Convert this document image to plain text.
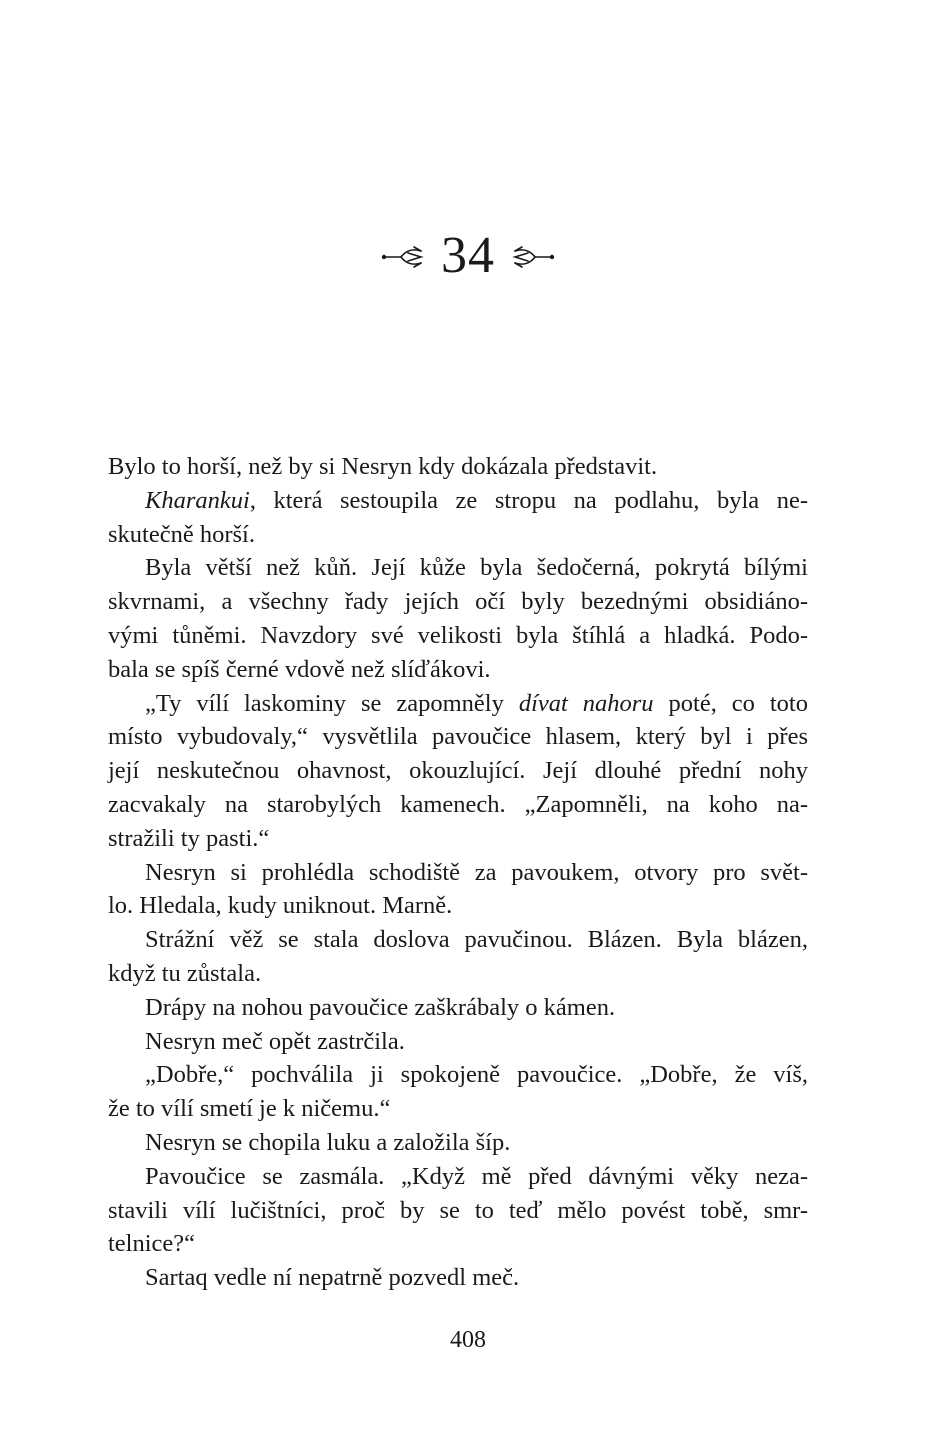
34
Bylo to horší, než by si Nesryn kdy dokázala představit.
Kharankui, která sestoupila ze stropu na podlahu, byla ne-
skutečně horší.
Byla větší než kůň. Její kůže byla šedočerná, pokrytá bílými
skvrnami, a všechny řady jejích očí byly bezednými obsidiáno-
vými tůněmi. Navzdory své velikosti byla štíhlá a hladká. Podo-
bala se spíš černé vdově než slíďákovi.
„Ty vílí laskominy se zapomněly dívat nahoru poté, co toto
místo vybudovaly,“ vysvětlila pavoučice hlasem, který byl i přes
její neskutečnou ohavnost, okouzlující. Její dlouhé přední nohy
zacvakaly na starobylých kamenech. „Zapomněli, na koho na-
stražili ty pasti.“
Nesryn si prohlédla schodiště za pavoukem, otvory pro svět-
lo. Hledala, kudy uniknout. Marně.
Strážní věž se stala doslova pavučinou. Blázen. Byla blázen,
když tu zůstala.
Drápy na nohou pavoučice zaškrábaly o kámen.
Nesryn meč opět zastrčila.
„Dobře,“ pochválila ji spokojeně pavoučice. „Dobře, že víš,
že to vílí smetí je k ničemu.“
Nesryn se chopila luku a založila šíp.
Pavoučice se zasmála. „Když mě před dávnými věky neza-
stavili vílí lučištníci, proč by se to teď mělo povést tobě, smr-
telnice?“
Sartaq vedle ní nepatrně pozvedl meč.
408
